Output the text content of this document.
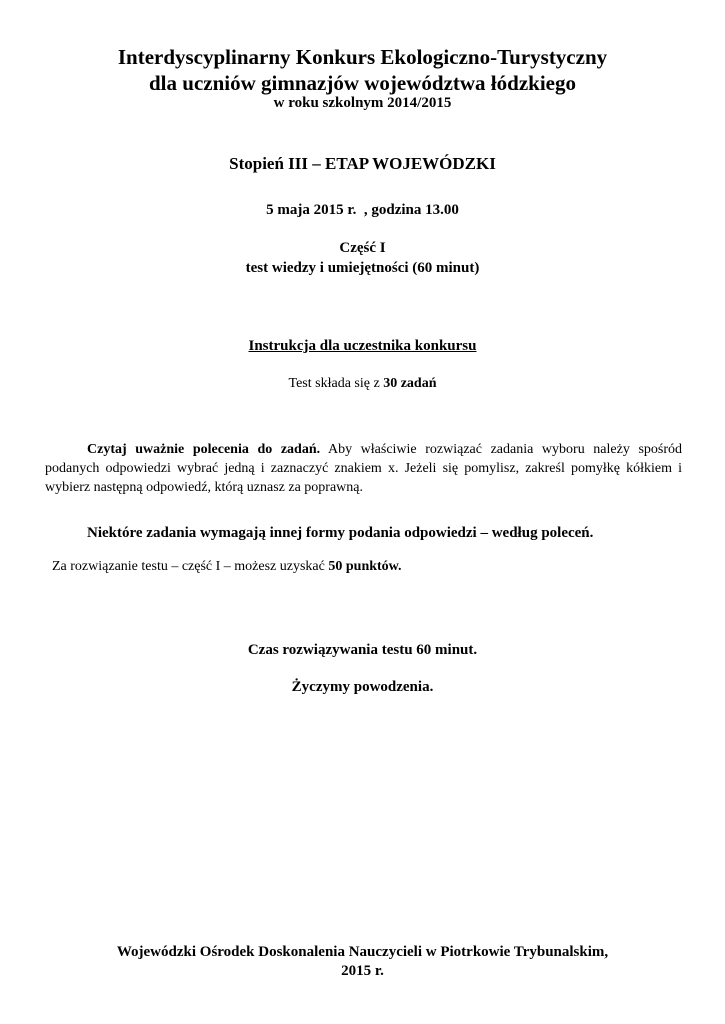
Interdyscyplinarny Konkurs Ekologiczno-Turystyczny
dla uczniów gimnazjów województwa łódzkiego
w roku szkolnym 2014/2015
Stopień III – ETAP WOJEWÓDZKI
5 maja 2015 r.  , godzina 13.00
Część I
test wiedzy i umiejętności (60 minut)
Instrukcja dla uczestnika konkursu
Test składa się z 30 zadań
Czytaj uważnie polecenia do zadań. Aby właściwie rozwiązać zadania wyboru należy spośród podanych odpowiedzi wybrać jedną i zaznaczyć znakiem x. Jeżeli się pomylisz, zakreśl pomyłkę kółkiem i wybierz następną odpowiedź, którą uznasz za poprawną.
Niektóre zadania wymagają innej formy podania odpowiedzi – według poleceń.
Za rozwiązanie testu – część I – możesz uzyskać 50 punktów.
Czas rozwiązywania testu 60 minut.
Życzymy powodzenia.
Wojewódzki Ośrodek Doskonalenia Nauczycieli w Piotrkowie Trybunalskim,
2015 r.
